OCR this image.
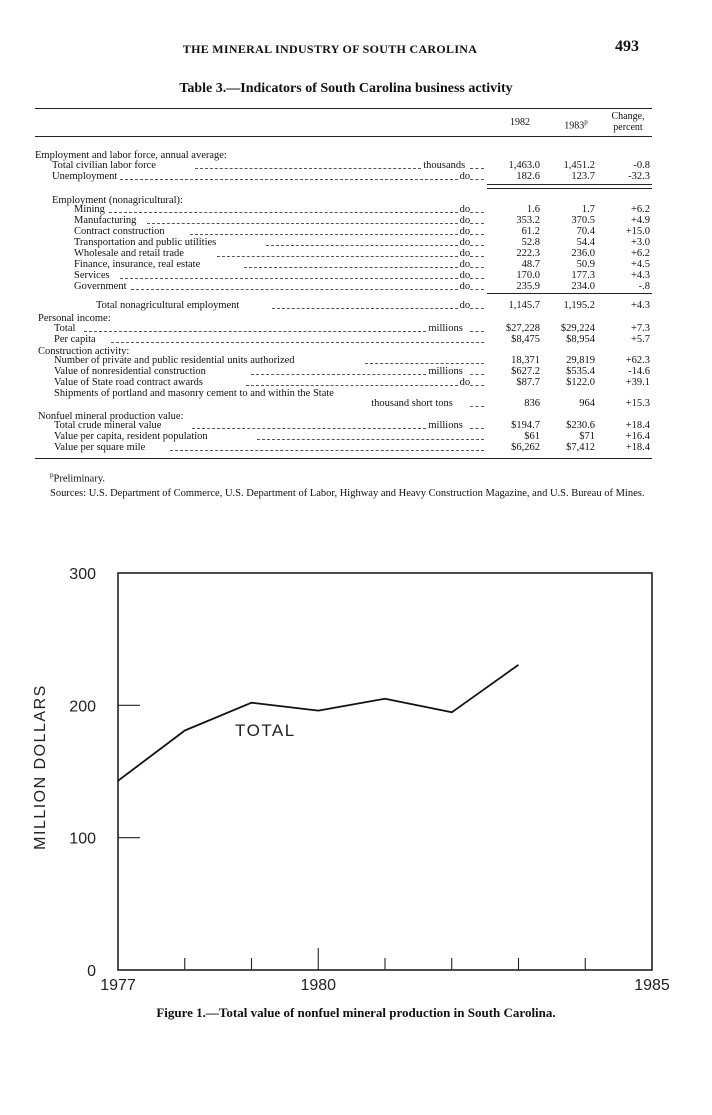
THE MINERAL INDUSTRY OF SOUTH CAROLINA	493
Table 3.—Indicators of South Carolina business activity
1982	1983$^p$	Change,
percent
Employment and labor force, annual average:
Total civilian labor force	thousands	1,463.0	1,451.2	-0.8
Unemployment	do	182.6	123.7	-32.3
Employment (nonagricultural):
Mining	do	1.6	1.7	+6.2
Manufacturing	do	353.2	370.5	+4.9
Contract construction	do	61.2	70.4	+15.0
Transportation and public utilities	do	52.8	54.4	+3.0
Wholesale and retail trade	do	222.3	236.0	+6.2
Finance, insurance, real estate	do	48.7	50.9	+4.5
Services	do	170.0	177.3	+4.3
Government	do	235.9	234.0	-.8
Total nonagricultural employment	do	1,145.7	1,195.2	+4.3
Personal income:
Total	millions	$27,228	$29,224	+7.3
Per capita	$8,475	$8,954	+5.7
Construction activity:
Number of private and public residential units authorized	18,371	29,819	+62.3
Value of nonresidential construction	millions	$627.2	$535.4	-14.6
Value of State road contract awards	do	$87.7	$122.0	+39.1
Shipments of portland and masonry cement to and within the State
thousand short tons	836	964	+15.3
Nonfuel mineral production value:
Total crude mineral value	millions	$194.7	$230.6	+18.4
Value per capita, resident population	$61	$71	+16.4
Value per square mile	$6,262	$7,412	+18.4
$^p$Preliminary.
Sources: U.S. Department of Commerce, U.S. Department of Labor, Highway and Heavy Construction Magazine, and U.S. Bureau of Mines.
0
100
200
300
1977	1980	1985
MILLION DOLLARS	TOTAL
Figure 1.—Total value of nonfuel mineral production in South Carolina.
